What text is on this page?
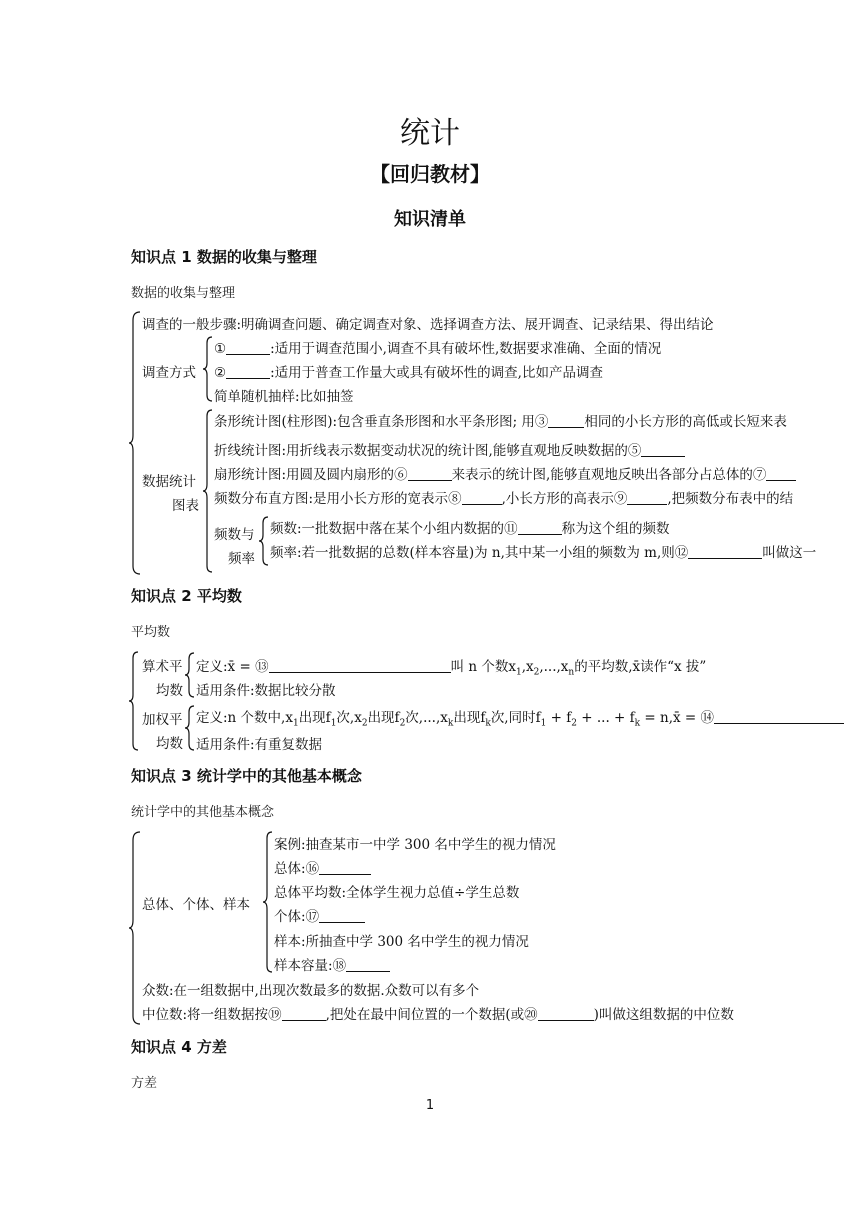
统计
【回归教材】
知识清单
知识点 1 数据的收集与整理
数据的收集与整理
调查的一般步骤:明确调查问题、确定调查对象、选择调查方法、展开调查、记录结果、得出结论
调查方式
①	:适用于调查范围小,调查不具有破坏性,数据要求准确、全面的情况
②	:适用于普查工作量大或具有破坏性的调查,比如产品调查
简单随机抽样:比如抽签
数据统计
图表
条形统计图(柱形图):包含垂直条形图和水平条形图; 用③	相同的小长方形的高低或长短来表
折线统计图:用折线表示数据变动状况的统计图,能够直观地反映数据的⑤
扇形统计图:用圆及圆内扇形的⑥	来表示的统计图,能够直观地反映出各部分占总体的⑦
频数分布直方图:是用小长方形的宽表示⑧	,小长方形的高表示⑨	,把频数分布表中的结
频数与
频率
频数:一批数据中落在某个小组内数据的⑪	称为这个组的频数
频率:若一批数据的总数(样本容量)为 n,其中某一小组的频数为 m,则⑫	叫做这一
知识点 2 平均数
平均数
算术平
均数
定义:x̄ = ⑬	叫 n 个数$x_1,x_2,...,x_n$的平均数,x̄读作“x 拔”
适用条件:数据比较分散
加权平
均数
定义:n 个数中$,x_1$出现$f_1$次$,x_2$出现$f_2$次$,...,x_k$出现$f_k$次,同时$f_1 + f_2$ + ... + $f_k$ = n,x̄ = ⑭
适用条件:有重复数据
知识点 3 统计学中的其他基本概念
统计学中的其他基本概念
总体、个体、样本
案例:抽查某市一中学 300 名中学生的视力情况
总体:⑯
总体平均数:全体学生视力总值÷学生总数
个体:⑰
样本:所抽查中学 300 名中学生的视力情况
样本容量:⑱
众数:在一组数据中,出现次数最多的数据.众数可以有多个
中位数:将一组数据按⑲	,把处在最中间位置的一个数据(或⑳	)叫做这组数据的中位数
知识点 4 方差
方差
1
